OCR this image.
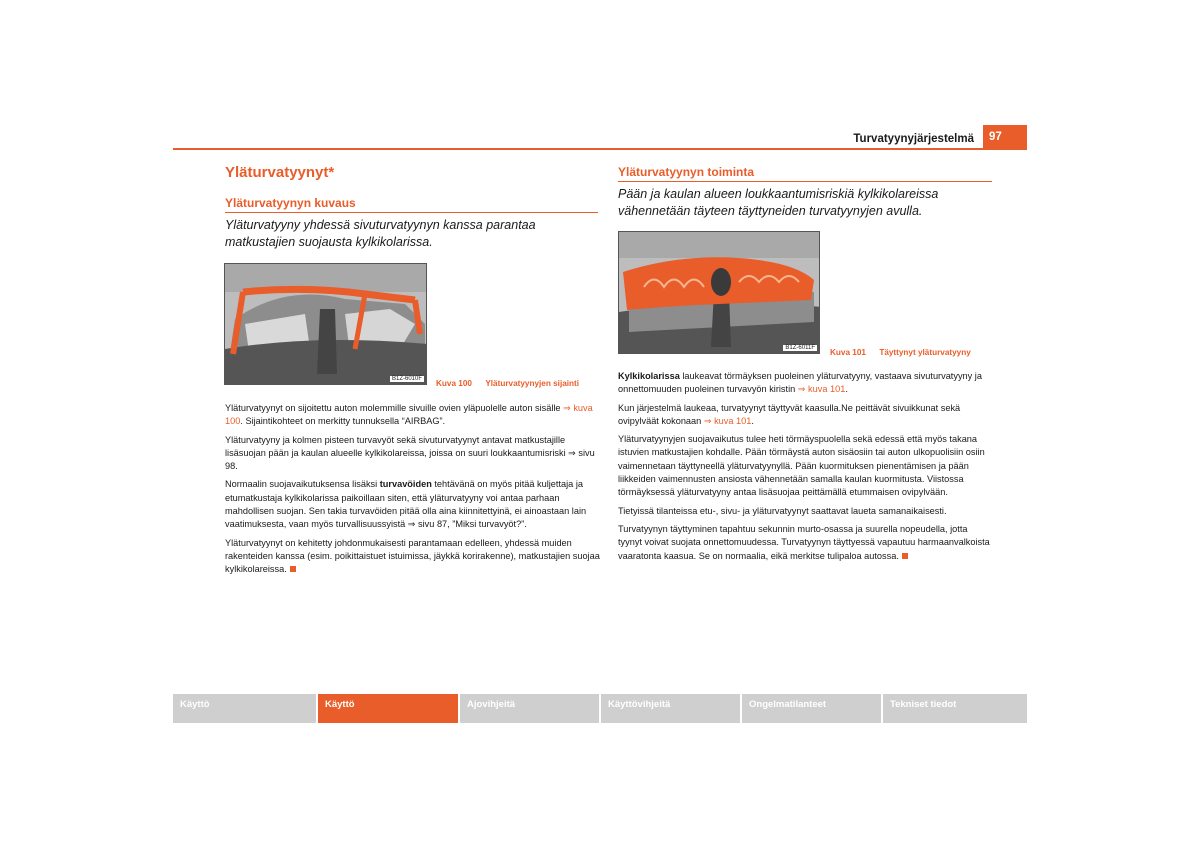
Turvatyynyjärjestelmä	97
Yläturvatyynyt*
Yläturvatyynyn kuvaus
Yläturvatyyny yhdessä sivuturvatyynyn kanssa parantaa matkustajien suojausta kylkikolarissa.
B1Z-6010F Kuva 100 Yläturvatyynyjen sijainti

Yläturvatyynyt on sijoitettu auton molemmille sivuille ovien yläpuolelle auton sisälle ⇒ kuva 100. Sijaintikohteet on merkitty tunnuksella “AIRBAG”.

Yläturvatyyny ja kolmen pisteen turvavyöt sekä sivuturvatyynyt antavat matkustajille lisäsuojan pään ja kaulan alueelle kylkikolareissa, joissa on suuri loukkaantumisriski ⇒ sivu 98.

Normaalin suojavaikutuksensa lisäksi turvavöiden tehtävänä on myös pitää kuljettaja ja etumatkustaja kylkikolarissa paikoillaan siten, että yläturvatyyny voi antaa parhaan mahdollisen suojan. Sen takia turvavöiden pitää olla aina kiinnitettyinä, ei ainoastaan lain vaatimuksesta, vaan myös turvallisuussyistä ⇒ sivu 87, ”Miksi turvavyöt?”.

Yläturvatyynyt on kehitetty johdonmukaisesti parantamaan edelleen, yhdessä muiden rakenteiden kanssa (esim. poikittaistuet istuimissa, jäykkä korirakenne), matkustajien suojaa kylkikolareissa.

Yläturvatyynyn toiminta
Pään ja kaulan alueen loukkaantumisriskiä kylkikolareissa vähennetään täyteen täyttyneiden turvatyynyjen avulla.
B1Z-6011F Kuva 101 Täyttynyt yläturvatyyny

Kylkikolarissa laukeavat törmäyksen puoleinen yläturvatyyny, vastaava sivuturvatyyny ja onnettomuuden puoleinen turvavyön kiristin ⇒ kuva 101.

Kun järjestelmä laukeaa, turvatyynyt täyttyvät kaasulla.Ne peittävät sivuikkunat sekä ovipylväät kokonaan ⇒ kuva 101.

Yläturvatyynyjen suojavaikutus tulee heti törmäyspuolella sekä edessä että myös takana istuvien matkustajien kohdalle. Pään törmäystä auton sisäosiin tai auton ulkopuolisiin osiin vaimennetaan täyttyneellä yläturvatyynyllä. Pään kuormituksen pienentämisen ja pään liikkeiden vaimennusten ansiosta vähennetään samalla kaulan kuormitusta. Viistossa törmäyksessä yläturvatyyny antaa lisäsuojaa peittämällä etummaisen ovipylvään.

Tietyissä tilanteissa etu-, sivu- ja yläturvatyynyt saattavat laueta samanaikaisesti.

Turvatyynyn täyttyminen tapahtuu sekunnin murto-osassa ja suurella nopeudella, jotta tyynyt voivat suojata onnettomuudessa. Turvatyynyn täyttyessä vapautuu harmaanvalkoista vaaratonta kaasua. Se on normaalia, eikä merkitse tulipaloa autossa.

Käyttö	Käyttö	Ajovihjeitä	Käyttövihjeitä	Ongelmatilanteet	Tekniset tiedot
